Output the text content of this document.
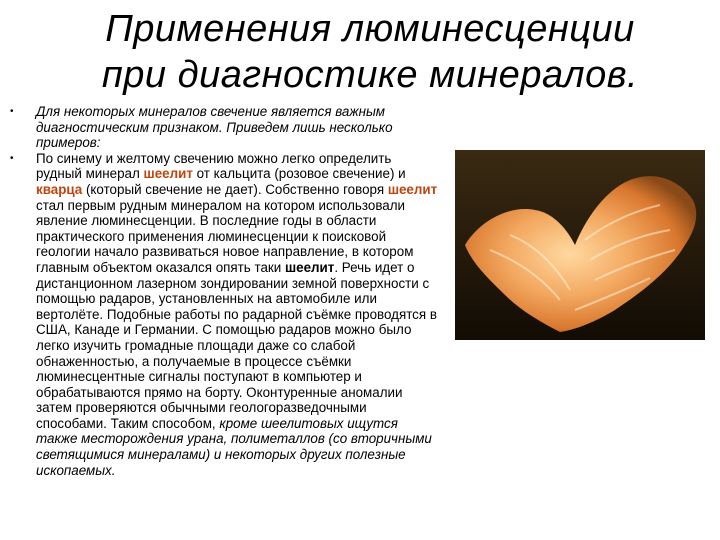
Применения люминесценции
при диагностике минералов.
•	Для некоторых минералов свечение является важным диагностическим признаком. Приведем лишь несколько примеров:
•	По синему и желтому свечению можно легко определить рудный минерал шеелит от кальцита (розовое свечение) и кварца (который свечение не дает). Собственно говоря шеелит стал первым рудным минералом на котором использовали явление люминесценции. В последние годы в области практического применения люминесценции к поисковой геологии начало развиваться новое направление, в котором главным объектом оказался опять таки шеелит. Речь идет о дистанционном лазерном зондировании земной поверхности с помощью радаров, установленных на автомобиле или вертолёте. Подобные работы по радарной съёмке проводятся в США, Канаде и Германии. С помощью радаров можно было легко изучить громадные площади даже со слабой обнаженностью, а получаемые в процессе съёмки люминесцентные сигналы поступают в компьютер и обрабатываются прямо на борту. Оконтуренные аномалии затем проверяются обычными геологоразведочными способами. Таким способом, кроме шеелитовых ищутся также месторождения урана, полиметаллов (со вторичными светящимися минералами) и некоторых других полезные ископаемых.
